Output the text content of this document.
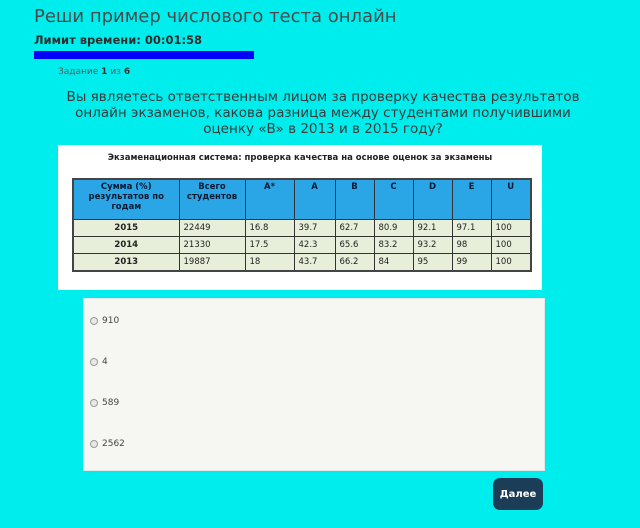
Реши пример числового теста онлайн
Лимит времени: 00:01:58
Задание 1 из 6

Вы являетесь ответственным лицом за проверку качества результатов онлайн экзаменов, какова разница между студентами получившими оценку «B» в 2013 и в 2015 году?

Экзаменационная система: проверка качества на основе оценок за экзамены
Сумма (%) результатов по годам	Всего студентов	A*	A	B	C	D	E	U
2015	22449	16.8	39.7	62.7	80.9	92.1	97.1	100
2014	21330	17.5	42.3	65.6	83.2	93.2	98	100
2013	19887	18	43.7	66.2	84	95	99	100
910
4
589
2562
Далее
